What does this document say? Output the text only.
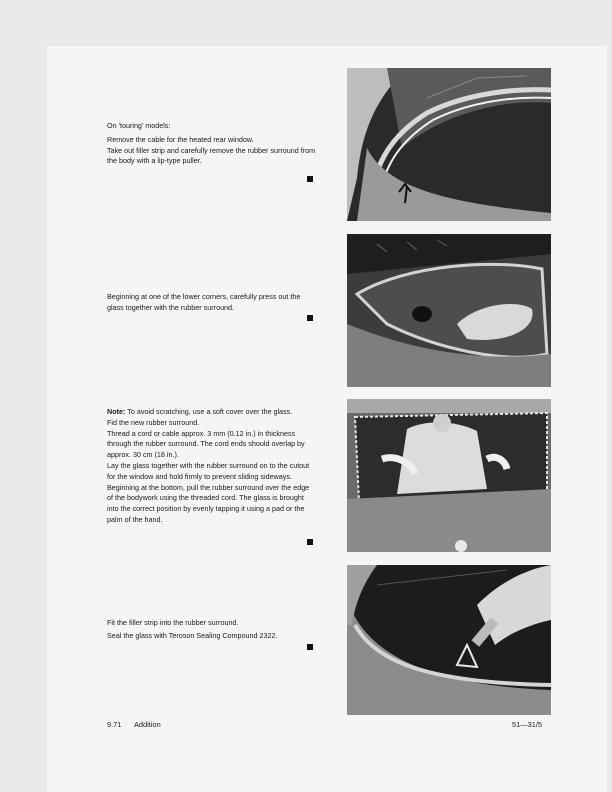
On 'touring' models:

Remove the cable for the heated rear window.

Take out filler strip and carefully remove the rubber surround from the body with a lip-type puller.

Beginning at one of the lower corners, carefully press out the glass together with the rubber surround.

Note: To avoid scratching, use a soft cover over the glass.

Fid the new rubber surround.

Thread a cord or cable approx. 3 mm (0.12 in.) in thickness through the rubber surround. The cord ends should overlap by approx. 30 cm (18 in.).

Lay the glass together with the rubber surround on to the cutout for the window and hold firmly to prevent sliding sideways. Beginning at the bottom, pull the rubber surround over the edge of the bodywork using the threaded cord. The glass is brought into the correct position by evenly tapping it using a pad or the palm of the hand.

Fit the filler strip into the rubber surround.

Seal the glass with Teroson Sealing Compound 2322.

9.71 Addition	51—31/5
